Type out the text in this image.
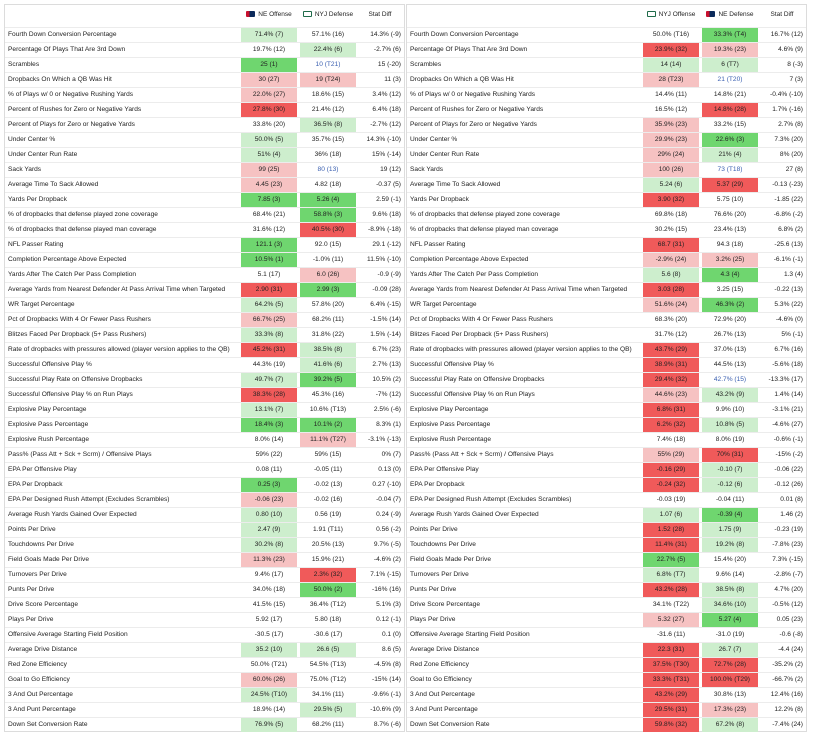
NE Offense	NYJ Defense	Stat Diff
Fourth Down Conversion Percentage	71.4% (7)	57.1% (16)	14.3% (-9)
Percentage Of Plays That Are 3rd Down	19.7% (12)	22.4% (6)	-2.7% (6)
Scrambles	25 (1)	10 (T21)	15 (-20)
Dropbacks On Which a QB Was Hit	30 (27)	19 (T24)	11 (3)
% of Plays w/ 0 or Negative Rushing Yards	22.0% (27)	18.6% (15)	3.4% (12)
Percent of Rushes for Zero or Negative Yards	27.8% (30)	21.4% (12)	6.4% (18)
Percent of Plays for Zero or Negative Yards	33.8% (20)	36.5% (8)	-2.7% (12)
Under Center %	50.0% (5)	35.7% (15)	14.3% (-10)
Under Center Run Rate	51% (4)	36% (18)	15% (-14)
Sack Yards	99 (25)	80 (13)	19 (12)
Average Time To Sack Allowed	4.45 (23)	4.82 (18)	-0.37 (5)
Yards Per Dropback	7.85 (3)	5.26 (4)	2.59 (-1)
% of dropbacks that defense played zone coverage	68.4% (21)	58.8% (3)	9.6% (18)
% of dropbacks that defense played man coverage	31.6% (12)	40.5% (30)	-8.9% (-18)
NFL Passer Rating	121.1 (3)	92.0 (15)	29.1 (-12)
Completion Percentage Above Expected	10.5% (1)	-1.0% (11)	11.5% (-10)
Yards After The Catch Per Pass Completion	5.1 (17)	6.0 (26)	-0.9 (-9)
Average Yards from Nearest Defender At Pass Arrival Time when Targeted	2.90 (31)	2.99 (3)	-0.09 (28)
WR Target Percentage	64.2% (5)	57.8% (20)	6.4% (-15)
Pct of Dropbacks With 4 Or Fewer Pass Rushers	66.7% (25)	68.2% (11)	-1.5% (14)
Blitzes Faced Per Dropback (5+ Pass Rushers)	33.3% (8)	31.8% (22)	1.5% (-14)
Rate of dropbacks with pressures allowed (player version applies to the QB)	45.2% (31)	38.5% (8)	6.7% (23)
Successful Offensive Play %	44.3% (19)	41.6% (6)	2.7% (13)
Successful Play Rate on Offensive Dropbacks	49.7% (7)	39.2% (5)	10.5% (2)
Successful Offensive Play % on Run Plays	38.3% (28)	45.3% (16)	-7% (12)
Explosive Play Percentage	13.1% (7)	10.6% (T13)	2.5% (-6)
Explosive Pass Percentage	18.4% (3)	10.1% (2)	8.3% (1)
Explosive Rush Percentage	8.0% (14)	11.1% (T27)	-3.1% (-13)
Pass% (Pass Att + Sck + Scrm) / Offensive Plays	59% (22)	59% (15)	0% (7)
EPA Per Offensive Play	0.08 (11)	-0.05 (11)	0.13 (0)
EPA Per Dropback	0.25 (3)	-0.02 (13)	0.27 (-10)
EPA Per Designed Rush Attempt (Excludes Scrambles)	-0.06 (23)	-0.02 (16)	-0.04 (7)
Average Rush Yards Gained Over Expected	0.80 (10)	0.56 (19)	0.24 (-9)
Points Per Drive	2.47 (9)	1.91 (T11)	0.56 (-2)
Touchdowns Per Drive	30.2% (8)	20.5% (13)	9.7% (-5)
Field Goals Made Per Drive	11.3% (23)	15.9% (21)	-4.6% (2)
Turnovers Per Drive	9.4% (17)	2.3% (32)	7.1% (-15)
Punts Per Drive	34.0% (18)	50.0% (2)	-16% (16)
Drive Score Percentage	41.5% (15)	36.4% (T12)	5.1% (3)
Plays Per Drive	5.92 (17)	5.80 (18)	0.12 (-1)
Offensive Average Starting Field Position	-30.5 (17)	-30.6 (17)	0.1 (0)
Average Drive Distance	35.2 (10)	26.6 (5)	8.6 (5)
Red Zone Efficiency	50.0% (T21)	54.5% (T13)	-4.5% (8)
Goal to Go Efficiency	60.0% (26)	75.0% (T12)	-15% (14)
3 And Out Percentage	24.5% (T10)	34.1% (11)	-9.6% (-1)
3 And Punt Percentage	18.9% (14)	29.5% (5)	-10.6% (9)
Down Set Conversion Rate	76.9% (5)	68.2% (11)	8.7% (-6)
NYJ Offense	NE Defense	Stat Diff
Fourth Down Conversion Percentage	50.0% (T16)	33.3% (T4)	16.7% (12)
Percentage Of Plays That Are 3rd Down	23.9% (32)	19.3% (23)	4.6% (9)
Scrambles	14 (14)	6 (T7)	8 (-3)
Dropbacks On Which a QB Was Hit	28 (T23)	21 (T20)	7 (3)
% of Plays w/ 0 or Negative Rushing Yards	14.4% (11)	14.8% (21)	-0.4% (-10)
Percent of Rushes for Zero or Negative Yards	16.5% (12)	14.8% (28)	1.7% (-16)
Percent of Plays for Zero or Negative Yards	35.9% (23)	33.2% (15)	2.7% (8)
Under Center %	29.9% (23)	22.6% (3)	7.3% (20)
Under Center Run Rate	29% (24)	21% (4)	8% (20)
Sack Yards	100 (26)	73 (T18)	27 (8)
Average Time To Sack Allowed	5.24 (6)	5.37 (29)	-0.13 (-23)
Yards Per Dropback	3.90 (32)	5.75 (10)	-1.85 (22)
% of dropbacks that defense played zone coverage	69.8% (18)	76.6% (20)	-6.8% (-2)
% of dropbacks that defense played man coverage	30.2% (15)	23.4% (13)	6.8% (2)
NFL Passer Rating	68.7 (31)	94.3 (18)	-25.6 (13)
Completion Percentage Above Expected	-2.9% (24)	3.2% (25)	-6.1% (-1)
Yards After The Catch Per Pass Completion	5.6 (8)	4.3 (4)	1.3 (4)
Average Yards from Nearest Defender At Pass Arrival Time when Targeted	3.03 (28)	3.25 (15)	-0.22 (13)
WR Target Percentage	51.6% (24)	46.3% (2)	5.3% (22)
Pct of Dropbacks With 4 Or Fewer Pass Rushers	68.3% (20)	72.9% (20)	-4.6% (0)
Blitzes Faced Per Dropback (5+ Pass Rushers)	31.7% (12)	26.7% (13)	5% (-1)
Rate of dropbacks with pressures allowed (player version applies to the QB)	43.7% (29)	37.0% (13)	6.7% (16)
Successful Offensive Play %	38.9% (31)	44.5% (13)	-5.6% (18)
Successful Play Rate on Offensive Dropbacks	29.4% (32)	42.7% (15)	-13.3% (17)
Successful Offensive Play % on Run Plays	44.6% (23)	43.2% (9)	1.4% (14)
Explosive Play Percentage	6.8% (31)	9.9% (10)	-3.1% (21)
Explosive Pass Percentage	6.2% (32)	10.8% (5)	-4.6% (27)
Explosive Rush Percentage	7.4% (18)	8.0% (19)	-0.6% (-1)
Pass% (Pass Att + Sck + Scrm) / Offensive Plays	55% (29)	70% (31)	-15% (-2)
EPA Per Offensive Play	-0.16 (29)	-0.10 (7)	-0.06 (22)
EPA Per Dropback	-0.24 (32)	-0.12 (6)	-0.12 (26)
EPA Per Designed Rush Attempt (Excludes Scrambles)	-0.03 (19)	-0.04 (11)	0.01 (8)
Average Rush Yards Gained Over Expected	1.07 (6)	-0.39 (4)	1.46 (2)
Points Per Drive	1.52 (28)	1.75 (9)	-0.23 (19)
Touchdowns Per Drive	11.4% (31)	19.2% (8)	-7.8% (23)
Field Goals Made Per Drive	22.7% (5)	15.4% (20)	7.3% (-15)
Turnovers Per Drive	6.8% (T7)	9.6% (14)	-2.8% (-7)
Punts Per Drive	43.2% (28)	38.5% (8)	4.7% (20)
Drive Score Percentage	34.1% (T22)	34.6% (10)	-0.5% (12)
Plays Per Drive	5.32 (27)	5.27 (4)	0.05 (23)
Offensive Average Starting Field Position	-31.6 (11)	-31.0 (19)	-0.6 (-8)
Average Drive Distance	22.3 (31)	26.7 (7)	-4.4 (24)
Red Zone Efficiency	37.5% (T30)	72.7% (28)	-35.2% (2)
Goal to Go Efficiency	33.3% (T31)	100.0% (T29)	-66.7% (2)
3 And Out Percentage	43.2% (29)	30.8% (13)	12.4% (16)
3 And Punt Percentage	29.5% (31)	17.3% (23)	12.2% (8)
Down Set Conversion Rate	59.8% (32)	67.2% (8)	-7.4% (24)
